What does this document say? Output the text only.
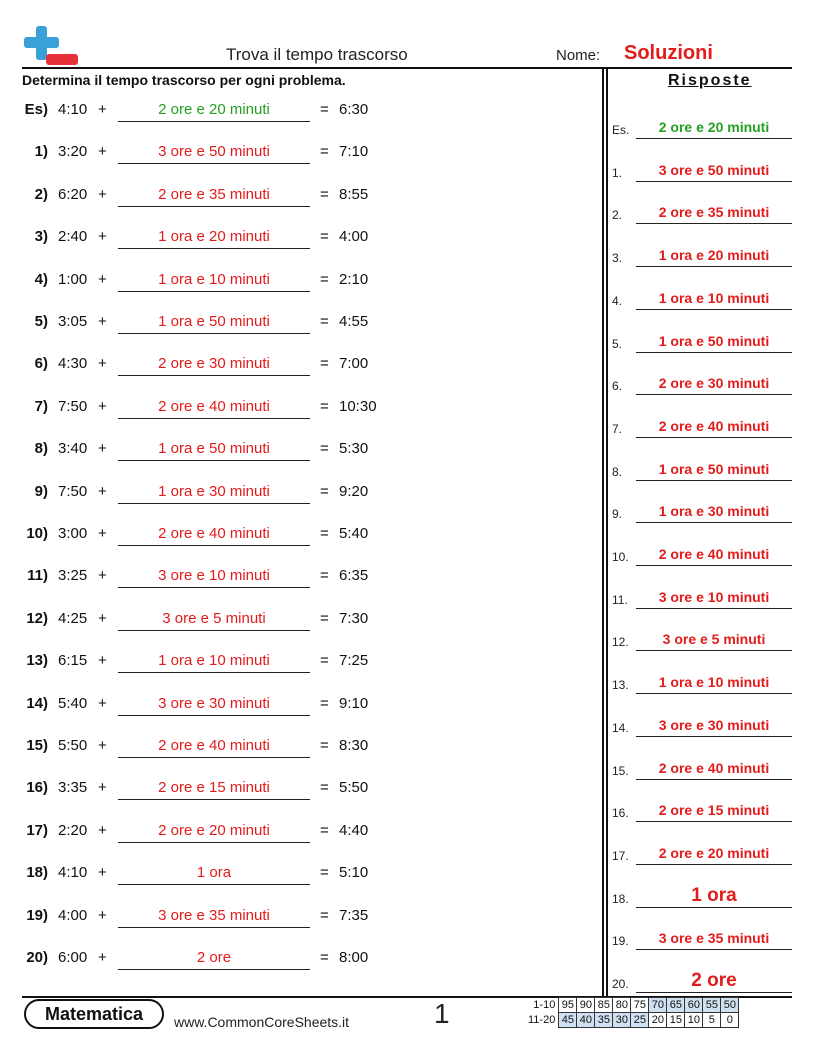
Trova il tempo trascorso	Nome: Soluzioni
Determina il tempo trascorso per ogni problema.	Risposte
Es) 4:10 +	2 ore e 20 minuti	= 6:30
1) 3:20 +	3 ore e 50 minuti	= 7:10
2) 6:20 +	2 ore e 35 minuti	= 8:55
3) 2:40 +	1 ora e 20 minuti	= 4:00
4) 1:00 +	1 ora e 10 minuti	= 2:10
5) 3:05 +	1 ora e 50 minuti	= 4:55
6) 4:30 +	2 ore e 30 minuti	= 7:00
7) 7:50 +	2 ore e 40 minuti	= 10:30
8) 3:40 +	1 ora e 50 minuti	= 5:30
9) 7:50 +	1 ora e 30 minuti	= 9:20
10) 3:00 +	2 ore e 40 minuti	= 5:40
11) 3:25 +	3 ore e 10 minuti	= 6:35
12) 4:25 +	3 ore e 5 minuti	= 7:30
13) 6:15 +	1 ora e 10 minuti	= 7:25
14) 5:40 +	3 ore e 30 minuti	= 9:10
15) 5:50 +	2 ore e 40 minuti	= 8:30
16) 3:35 +	2 ore e 15 minuti	= 5:50
17) 2:20 +	2 ore e 20 minuti	= 4:40
18) 4:10 +	1 ora	= 5:10
19) 4:00 +	3 ore e 35 minuti	= 7:35
20) 6:00 +	2 ore	= 8:00
Es.	2 ore e 20 minuti
1.	3 ore e 50 minuti
2.	2 ore e 35 minuti
3.	1 ora e 20 minuti
4.	1 ora e 10 minuti
5.	1 ora e 50 minuti
6.	2 ore e 30 minuti
7.	2 ore e 40 minuti
8.	1 ora e 50 minuti
9.	1 ora e 30 minuti
10.	2 ore e 40 minuti
11.	3 ore e 10 minuti
12.	3 ore e 5 minuti
13.	1 ora e 10 minuti
14.	3 ore e 30 minuti
15.	2 ore e 40 minuti
16.	2 ore e 15 minuti
17.	2 ore e 20 minuti
18.	1 ora
19.	3 ore e 35 minuti
20.	2 ore
Matematica	www.CommonCoreSheets.it	1	1-10	95	90	85	80	75	70	65	60	55	50
11-20	45	40	35	30	25	20	15	10	5	0
